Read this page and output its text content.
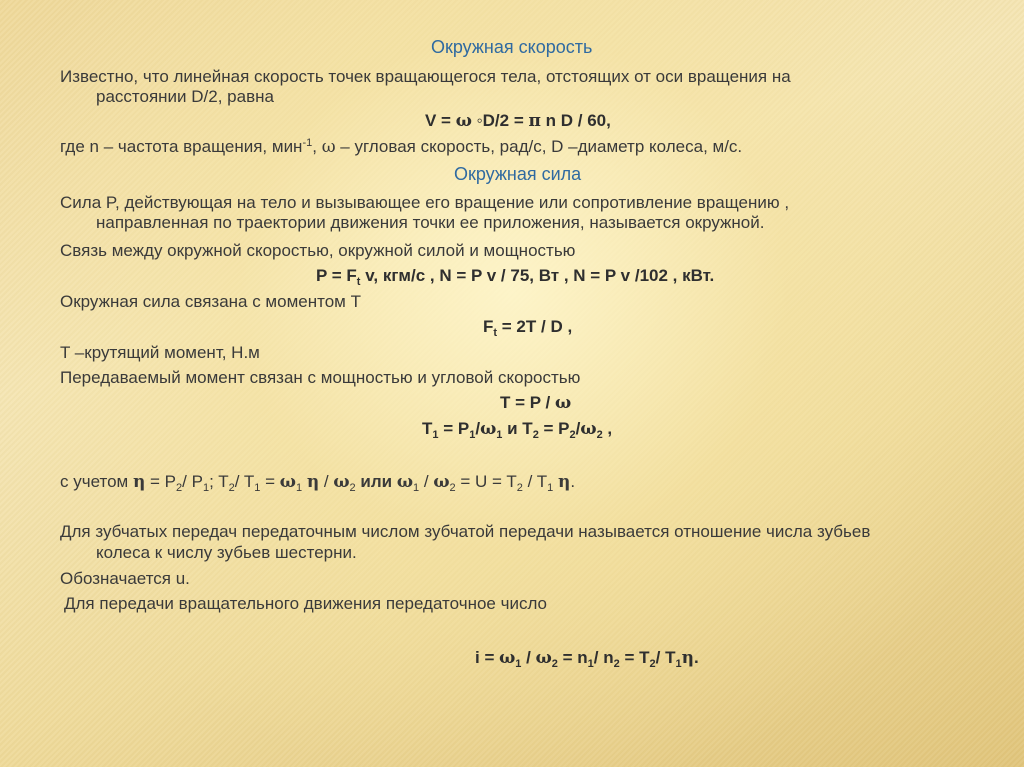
Окружная скорость
Известно, что линейная скорость точек вращающегося тела, отстоящих от оси вращения на
расстоянии D/2, равна
V = ω ◦D/2 = π n D / 60,
где n – частота вращения, мин$^{-1}$, ω – угловая скорость, рад/с, D –диаметр колеса, м/с.
Окружная сила
Сила P, действующая на тело и вызывающее его вращение или сопротивление вращению ,
направленная по траектории движения точки ее приложения, называется окружной.
Связь между окружной скоростью, окружной силой и мощностью
$P = F_t$ v, кгм/с , N = P v / 75, Вт , N = P v /102 , кВт.
Окружная сила связана с моментом T
$F_t = 2T / D$ ,
T –крутящий момент, Н.м
Передаваемый момент связан с мощностью и угловой скоростью
T = P / ω
$T_1 = P_1/\omega_1$ и $T_2 = P_2/\omega_2$ ,
с учетом $\eta = P_2/$ $P_1$; $T_2/$ $T_1 = \omega_1$ η / $\omega_2$ или $\omega_1 / \omega_2 = U = T_2 / T_1$ η.
Для зубчатых передач передаточным числом зубчатой передачи называется отношение числа зубьев
колеса к числу зубьев шестерни.
Обозначается u.
Для передачи вращательного движения передаточное число
$i = \omega_1 / \omega_2 = n_1/$ $n_2 = T_2/$ $T_1\eta$.
